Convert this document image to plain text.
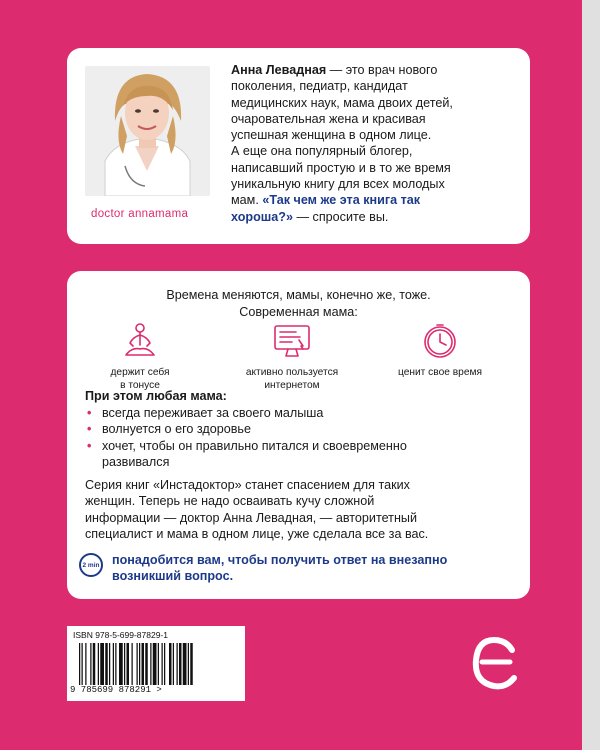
doctor annamama
Анна Левадная — это врач нового
поколения, педиатр, кандидат
медицинских наук, мама двоих детей,
очаровательная жена и красивая
успешная женщина в одном лице.
А еще она популярный блогер,
написавший простую и в то же время
уникальную книгу для всех молодых
мам. «Так чем же эта книга так
хороша?» — спросите вы.
Времена меняются, мамы, конечно же, тоже.
Современная мама:
держит себя
в тонусе
активно пользуется
интернетом
ценит свое время
При этом любая мама:
• всегда переживает за своего малыша
• волнуется о его здоровье
• хочет, чтобы он правильно питался и своевременно
развивался
Серия книг «Инстадоктор» станет спасением для таких
женщин. Теперь не надо осваивать кучу сложной
информации — доктор Анна Левадная, — авторитетный
специалист и мама в одном лице, уже сделала все за вас.
2 min понадобится вам, чтобы получить ответ на внезапно
возникший вопрос.
ISBN 978-5-699-87829-1
9 785699 878291 >
